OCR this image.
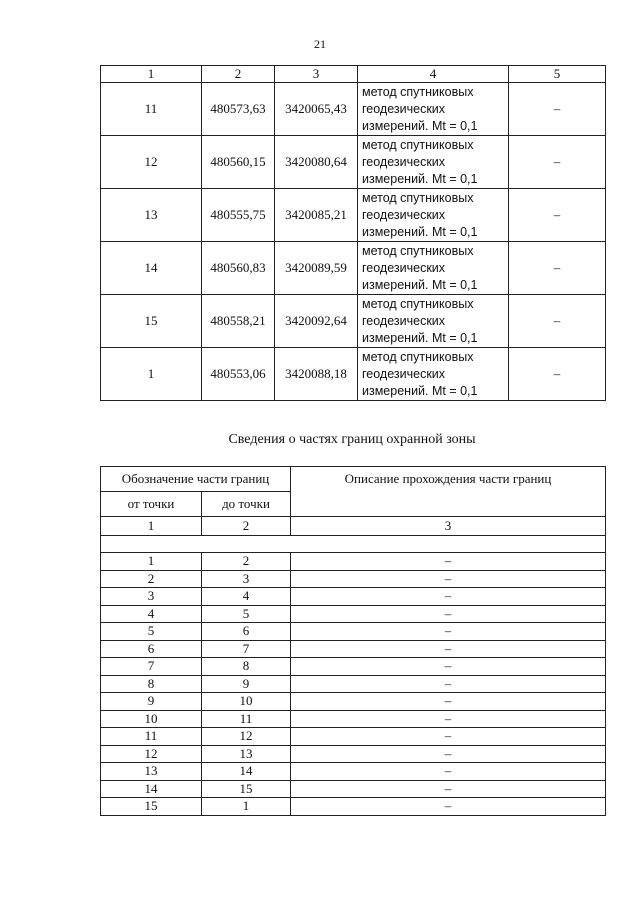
21
1	2	3	4	5
11	480573,63	3420065,43	метод спутниковых
геодезических
измерений. Mt = 0,1	–
12	480560,15	3420080,64	метод спутниковых
геодезических
измерений. Mt = 0,1	–
13	480555,75	3420085,21	метод спутниковых
геодезических
измерений. Mt = 0,1	–
14	480560,83	3420089,59	метод спутниковых
геодезических
измерений. Mt = 0,1	–
15	480558,21	3420092,64	метод спутниковых
геодезических
измерений. Mt = 0,1	–
1	480553,06	3420088,18	метод спутниковых
геодезических
измерений. Mt = 0,1	–
Сведения о частях границ охранной зоны
Обозначение части границ		Описание прохождения части границ
от точки	до точки	
1	2	3

1	2	–
2	3	–
3	4	–
4	5	–
5	6	–
6	7	–
7	8	–
8	9	–
9	10	–
10	11	–
11	12	–
12	13	–
13	14	–
14	15	–
15	1	–
